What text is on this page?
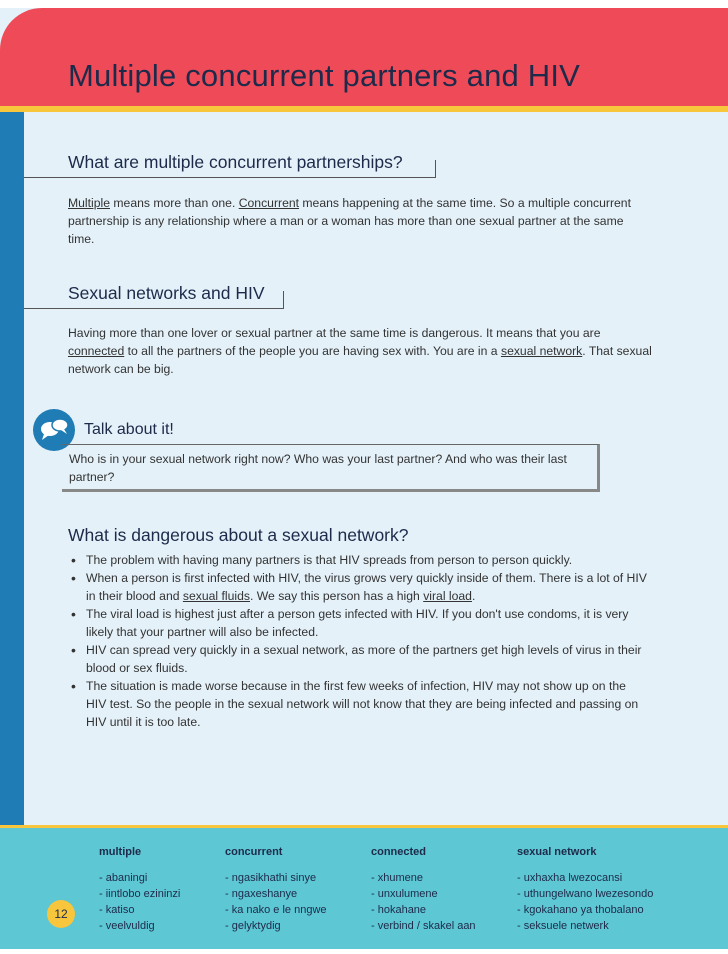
Multiple concurrent partners and HIV
What are multiple concurrent partnerships?
Multiple means more than one. Concurrent means happening at the same time. So a multiple concurrent partnership is any relationship where a man or a woman has more than one sexual partner at the same time.
Sexual networks and HIV
Having more than one lover or sexual partner at the same time is dangerous. It means that you are connected to all the partners of the people you are having sex with. You are in a sexual network. That sexual network can be big.
Talk about it!
Who is in your sexual network right now? Who was your last partner? And who was their last partner?
What is dangerous about a sexual network?
• The problem with having many partners is that HIV spreads from person to person quickly.
• When a person is first infected with HIV, the virus grows very quickly inside of them. There is a lot of HIV in their blood and sexual fluids. We say this person has a high viral load.
• The viral load is highest just after a person gets infected with HIV. If you don't use condoms, it is very likely that your partner will also be infected.
• HIV can spread very quickly in a sexual network, as more of the partners get high levels of virus in their blood or sex fluids.
• The situation is made worse because in the first few weeks of infection, HIV may not show up on the HIV test. So the people in the sexual network will not know that they are being infected and passing on HIV until it is too late.
multiple
- abaningi
- iintlobo ezininzi
- katiso
- veelvuldig
concurrent
- ngasikhathi sinye
- ngaxeshanye
- ka nako e le nngwe
- gelyktydig
connected
- xhumene
- unxulumene
- hokahane
- verbind / skakel aan
sexual network
- uxhaxha lwezocansi
- uthungelwano lwezesondo
- kgokahano ya thobalano
- seksuele netwerk
12
